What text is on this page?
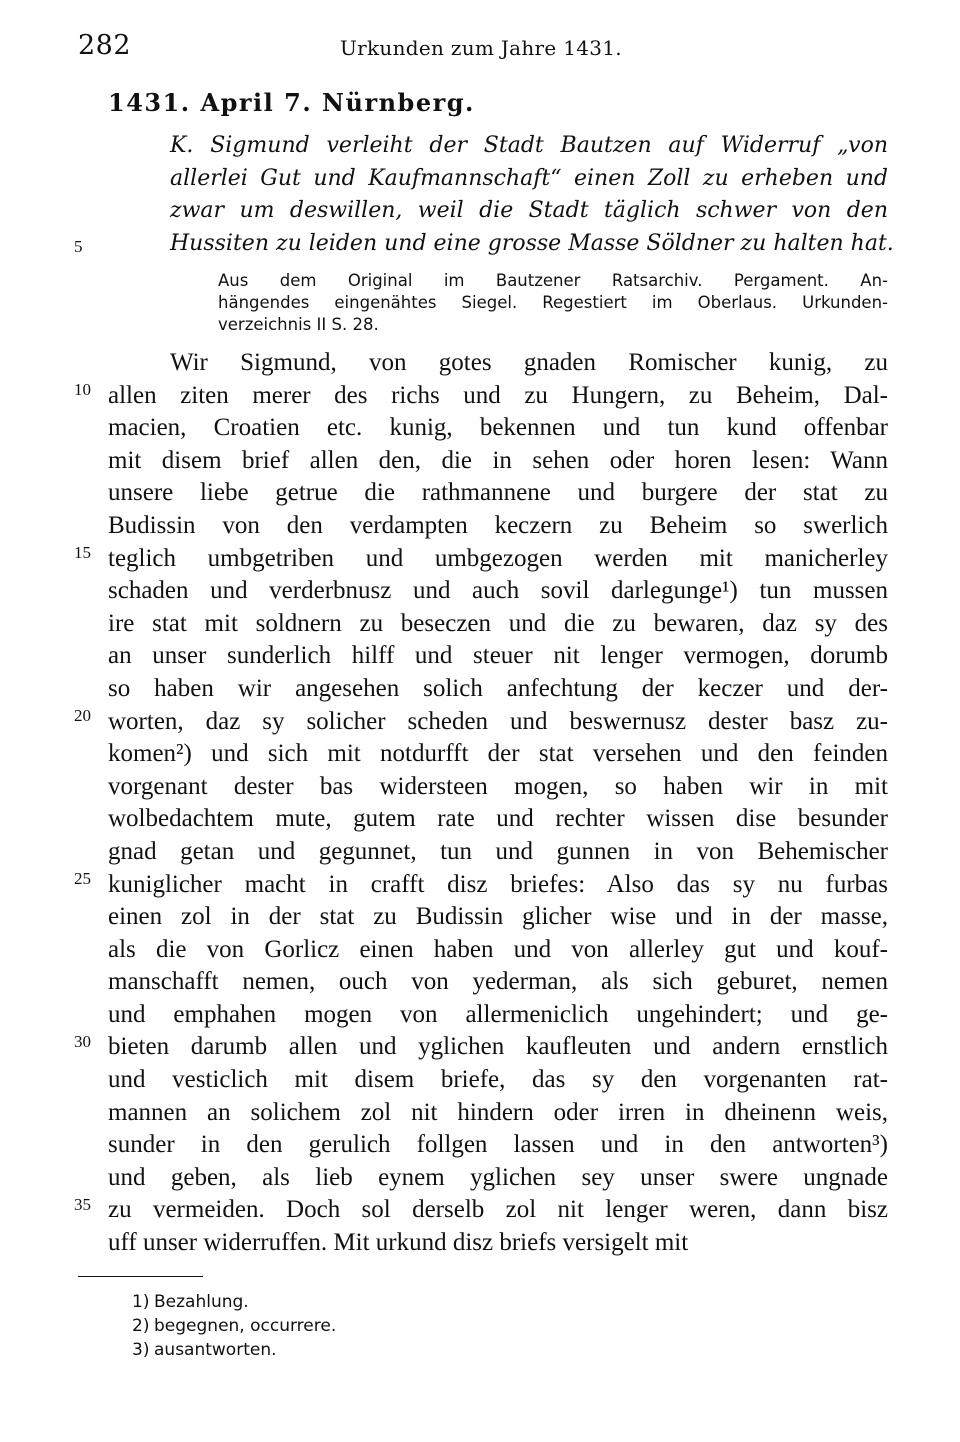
282	Urkunden zum Jahre 1431.
1431. April 7. Nürnberg.
K. Sigmund verleiht der Stadt Bautzen auf Widerruf „von
allerlei Gut und Kaufmannschaft“ einen Zoll zu erheben und
zwar um deswillen, weil die Stadt täglich schwer von den
Hussiten zu leiden und eine grosse Masse Söldner zu halten hat.
5
Aus dem Original im Bautzener Ratsarchiv. Pergament. An-
hängendes eingenähtes Siegel. Regestiert im Oberlaus. Urkunden-
verzeichnis II S. 28.
Wir Sigmund, von gotes gnaden Romischer kunig, zu
allen ziten merer des richs und zu Hungern, zu Beheim, Dal-
10
macien, Croatien etc. kunig, bekennen und tun kund offenbar
mit disem brief allen den, die in sehen oder horen lesen: Wann
unsere liebe getrue die rathmannene und burgere der stat zu
Budissin von den verdampten keczern zu Beheim so swerlich
teglich umbgetriben und umbgezogen werden mit manicherley
15
schaden und verderbnusz und auch sovil darlegunge¹) tun mussen
ire stat mit soldnern zu beseczen und die zu bewaren, daz sy des
an unser sunderlich hilff und steuer nit lenger vermogen, dorumb
so haben wir angesehen solich anfechtung der keczer und der-
worten, daz sy solicher scheden und beswernusz dester basz zu-
20
komen²) und sich mit notdurfft der stat versehen und den feinden
vorgenant dester bas widersteen mogen, so haben wir in mit
wolbedachtem mute, gutem rate und rechter wissen dise besunder
gnad getan und gegunnet, tun und gunnen in von Behemischer
kuniglicher macht in crafft disz briefes: Also das sy nu furbas
25
einen zol in der stat zu Budissin glicher wise und in der masse,
als die von Gorlicz einen haben und von allerley gut und kouf-
manschafft nemen, ouch von yederman, als sich geburet, nemen
und emphahen mogen von allermeniclich ungehindert; und ge-
bieten darumb allen und yglichen kaufleuten und andern ernstlich
30
und vesticlich mit disem briefe, das sy den vorgenanten rat-
mannen an solichem zol nit hindern oder irren in dheinenn weis,
sunder in den gerulich follgen lassen und in den antworten³)
und geben, als lieb eynem yglichen sey unser swere ungnade
zu vermeiden. Doch sol derselb zol nit lenger weren, dann bisz
35
uff unser widerruffen. Mit urkund disz briefs versigelt mit
1) Bezahlung.
2) begegnen, occurrere.
3) ausantworten.
